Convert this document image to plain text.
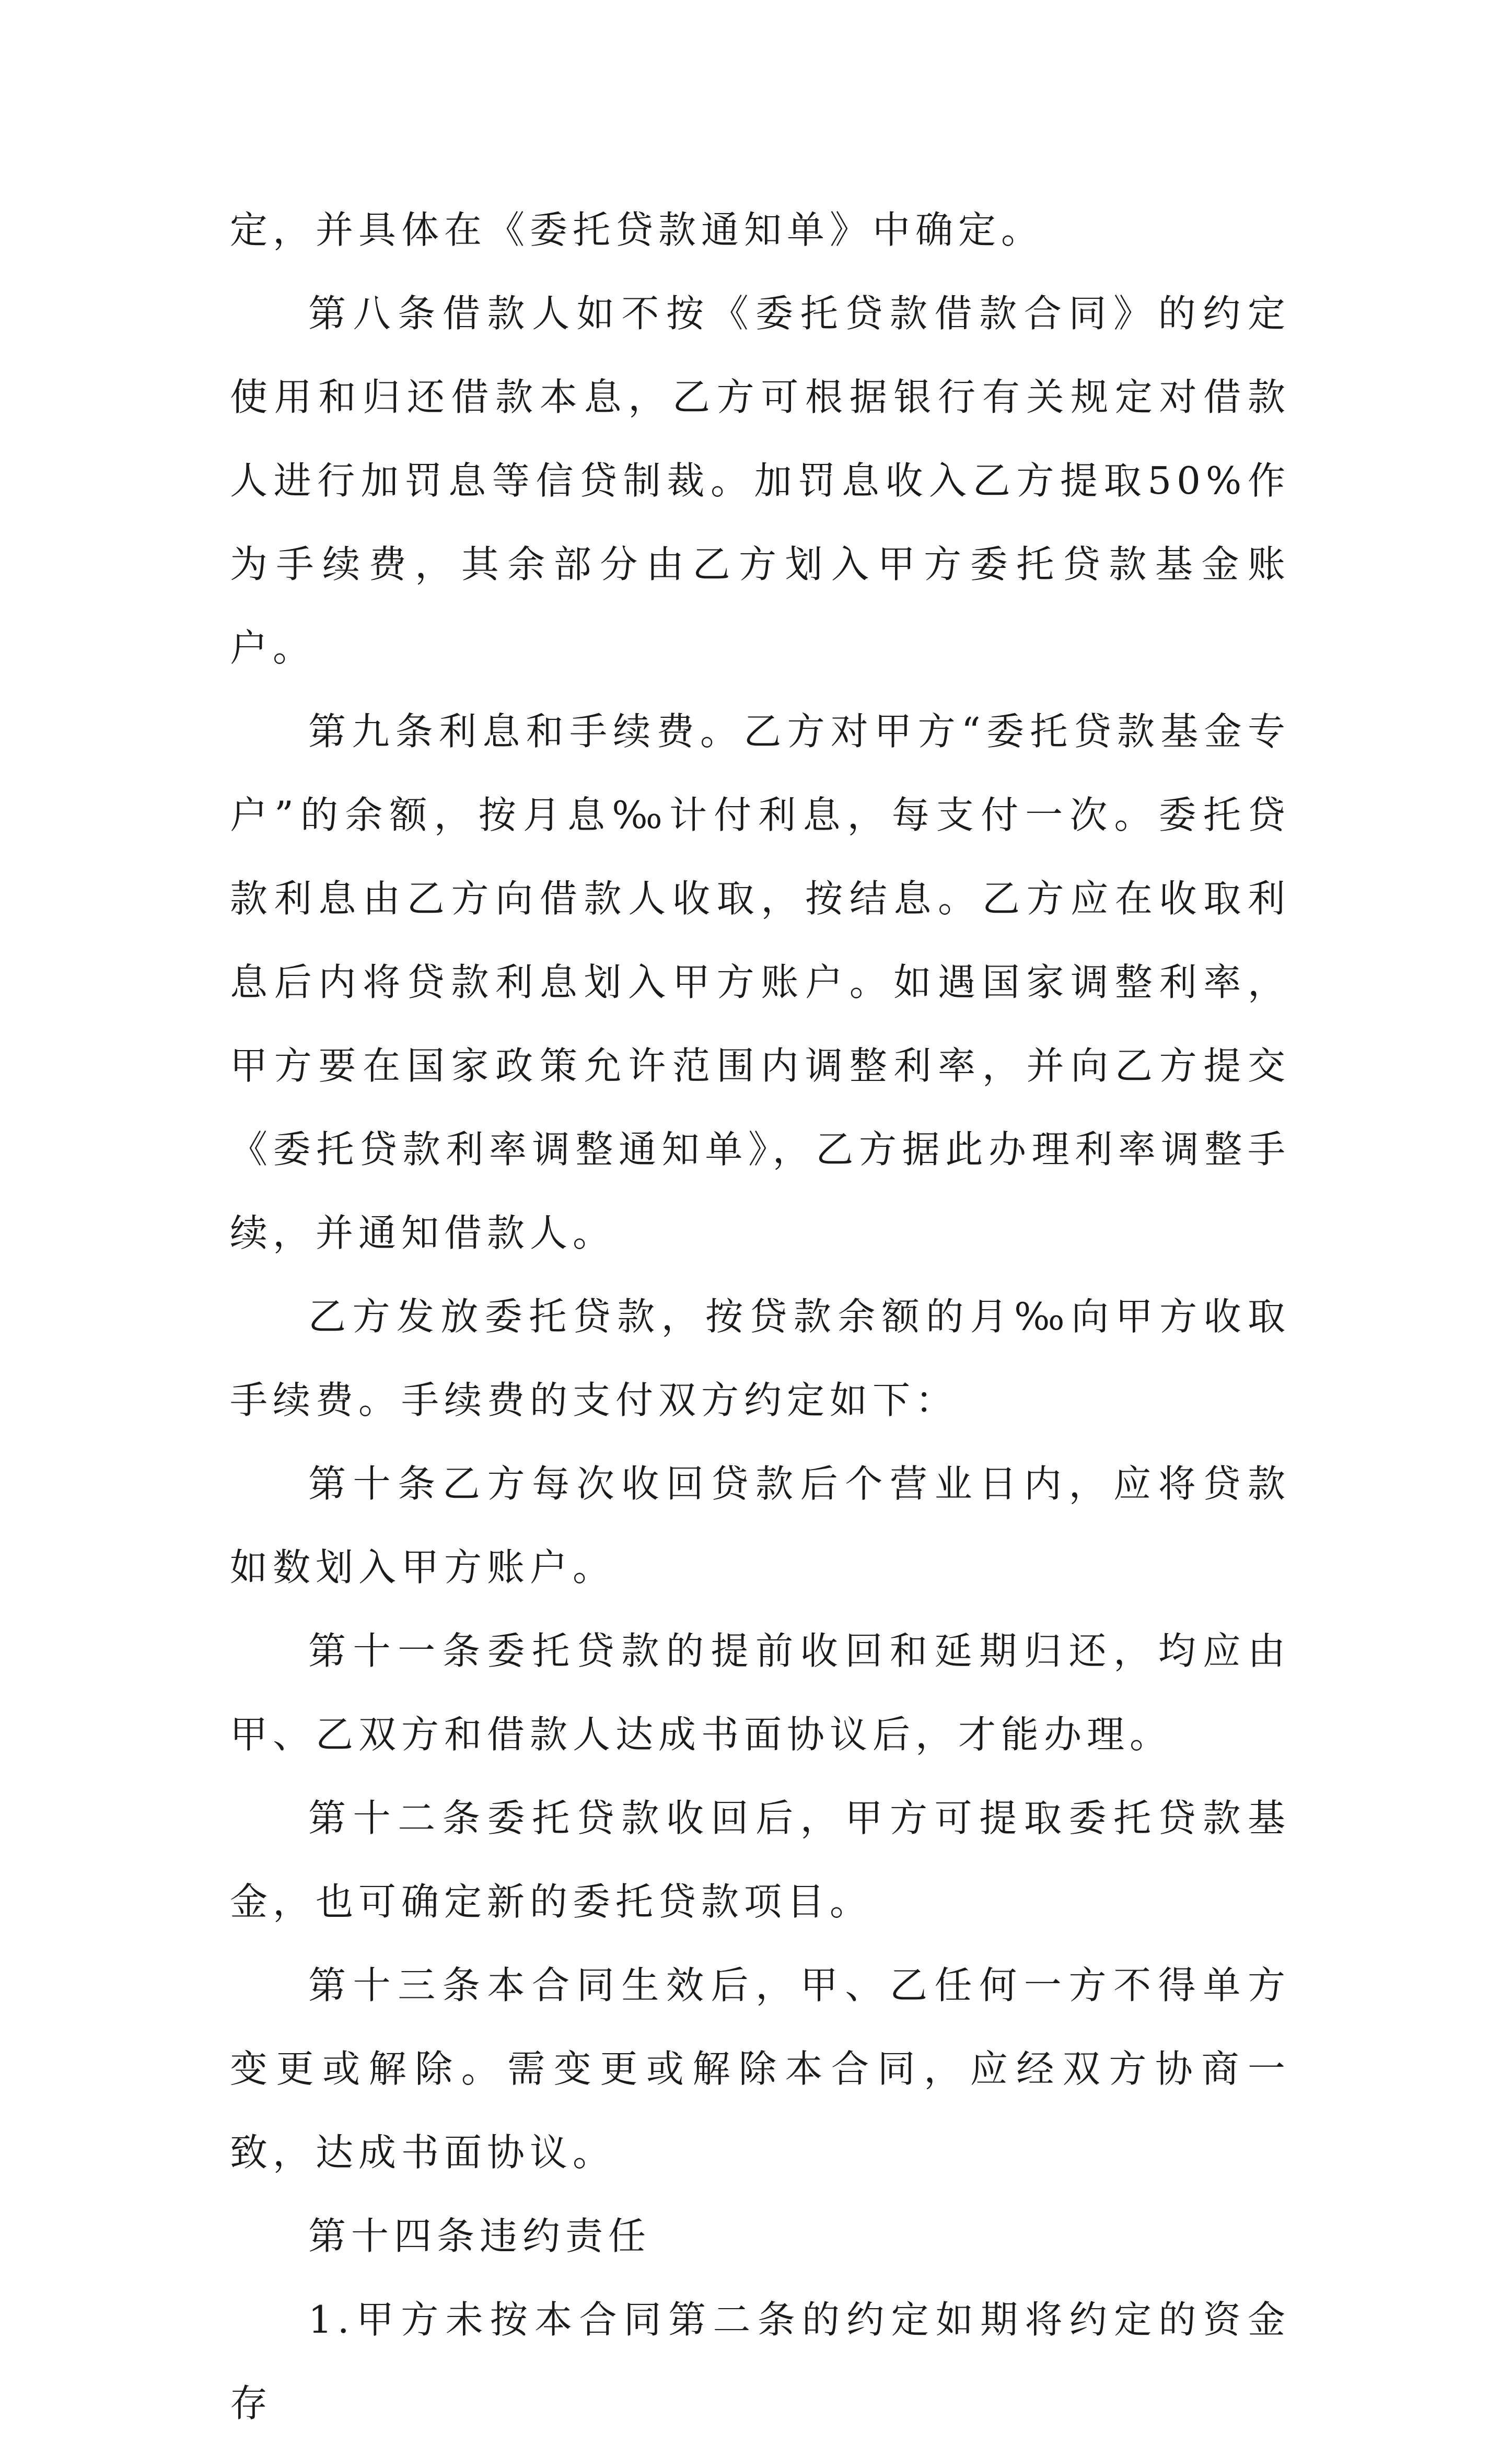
定，并具体在《委托贷款通知单》中确定。

第八条借款人如不按《委托贷款借款合同》的约定使用和归还借款本息，乙方可根据银行有关规定对借款人进行加罚息等信贷制裁。加罚息收入乙方提取50%作为手续费，其余部分由乙方划入甲方委托贷款基金账户。

第九条利息和手续费。乙方对甲方“委托贷款基金专户”的余额，按月息‰计付利息，每支付一次。委托贷款利息由乙方向借款人收取，按结息。乙方应在收取利息后内将贷款利息划入甲方账户。如遇国家调整利率，甲方要在国家政策允许范围内调整利率，并向乙方提交《委托贷款利率调整通知单》，乙方据此办理利率调整手续，并通知借款人。

乙方发放委托贷款，按贷款余额的月‰向甲方收取手续费。手续费的支付双方约定如下：

第十条乙方每次收回贷款后个营业日内，应将贷款如数划入甲方账户。

第十一条委托贷款的提前收回和延期归还，均应由甲、乙双方和借款人达成书面协议后，才能办理。

第十二条委托贷款收回后，甲方可提取委托贷款基金，也可确定新的委托贷款项目。

第十三条本合同生效后，甲、乙任何一方不得单方变更或解除。需变更或解除本合同，应经双方协商一致，达成书面协议。

第十四条违约责任

1.甲方未按本合同第二条的约定如期将约定的资金存
